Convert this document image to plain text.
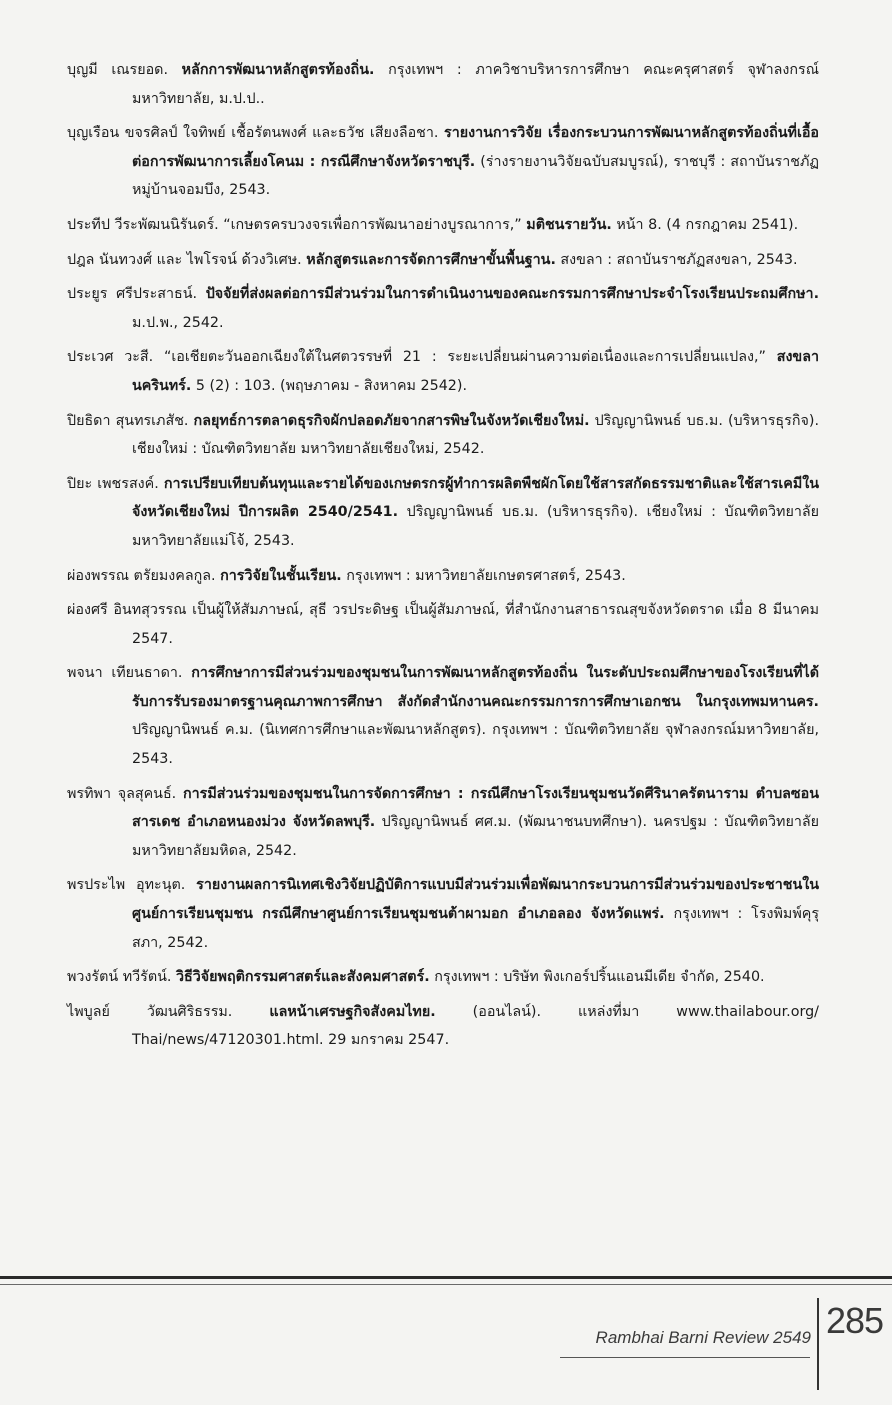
บุญมี เณรยอด. หลักการพัฒนาหลักสูตรท้องถิ่น. กรุงเทพฯ : ภาควิชาบริหารการศึกษา คณะครุศาสตร์ จุฬาลงกรณ์มหาวิทยาลัย, ม.ป.ป..

บุญเรือน ขจรศิลป์ ใจทิพย์ เชื้อรัตนพงศ์ และธวัช เสียงลือชา. รายงานการวิจัย เรื่องกระบวนการพัฒนาหลักสูตรท้องถิ่นที่เอื้อต่อการพัฒนาการเลี้ยงโคนม : กรณีศึกษาจังหวัดราชบุรี. (ร่างรายงานวิจัยฉบับสมบูรณ์), ราชบุรี : สถาบันราชภัฏหมู่บ้านจอมบึง, 2543.

ประทีป วีระพัฒนนิรันดร์. “เกษตรครบวงจรเพื่อการพัฒนาอย่างบูรณาการ,” มติชนรายวัน. หน้า 8. (4 กรกฎาคม 2541).

ปฎล นันทวงศ์ และ ไพโรจน์ ด้วงวิเศษ. หลักสูตรและการจัดการศึกษาขั้นพื้นฐาน. สงขลา : สถาบันราชภัฏสงขลา, 2543.

ประยูร ศรีประสาธน์. ปัจจัยที่ส่งผลต่อการมีส่วนร่วมในการดำเนินงานของคณะกรรมการศึกษาประจำโรงเรียนประถมศึกษา. ม.ป.พ., 2542.

ประเวศ วะสี. “เอเชียตะวันออกเฉียงใต้ในศตวรรษที่ 21 : ระยะเปลี่ยนผ่านความต่อเนื่องและการเปลี่ยนแปลง,” สงขลานครินทร์. 5 (2) : 103. (พฤษภาคม - สิงหาคม 2542).

ปิยธิดา สุนทรเภสัช. กลยุทธ์การตลาดธุรกิจผักปลอดภัยจากสารพิษในจังหวัดเชียงใหม่. ปริญญานิพนธ์ บธ.ม. (บริหารธุรกิจ). เชียงใหม่ : บัณฑิตวิทยาลัย มหาวิทยาลัยเชียงใหม่, 2542.

ปิยะ เพชรสงค์. การเปรียบเทียบต้นทุนและรายได้ของเกษตรกรผู้ทำการผลิตพืชผักโดยใช้สารสกัดธรรมชาติและใช้สารเคมีในจังหวัดเชียงใหม่ ปีการผลิต 2540/2541. ปริญญานิพนธ์ บธ.ม. (บริหารธุรกิจ). เชียงใหม่ : บัณฑิตวิทยาลัย มหาวิทยาลัยแม่โจ้, 2543.

ผ่องพรรณ ตรัยมงคลกูล. การวิจัยในชั้นเรียน. กรุงเทพฯ : มหาวิทยาลัยเกษตรศาสตร์, 2543.

ผ่องศรี อินทสุวรรณ เป็นผู้ให้สัมภาษณ์, สุธี วรประดิษฐ เป็นผู้สัมภาษณ์, ที่สำนักงานสาธารณสุขจังหวัดตราด เมื่อ 8 มีนาคม 2547.

พจนา เทียนธาดา. การศึกษาการมีส่วนร่วมของชุมชนในการพัฒนาหลักสูตรท้องถิ่น ในระดับประถมศึกษาของโรงเรียนที่ได้รับการรับรองมาตรฐานคุณภาพการศึกษา สังกัดสำนักงานคณะกรรมการการศึกษาเอกชน ในกรุงเทพมหานคร. ปริญญานิพนธ์ ค.ม. (นิเทศการศึกษาและพัฒนาหลักสูตร). กรุงเทพฯ : บัณฑิตวิทยาลัย จุฬาลงกรณ์มหาวิทยาลัย, 2543.

พรทิพา จุลสุคนธ์. การมีส่วนร่วมของชุมชนในการจัดการศึกษา : กรณีศึกษาโรงเรียนชุมชนวัดศีรินาครัตนาราม ตำบลซอนสารเดช อำเภอหนองม่วง จังหวัดลพบุรี. ปริญญานิพนธ์ ศศ.ม. (พัฒนาชนบทศึกษา). นครปฐม : บัณฑิตวิทยาลัย มหาวิทยาลัยมหิดล, 2542.

พรประไพ อุทะนุต. รายงานผลการนิเทศเชิงวิจัยปฏิบัติการแบบมีส่วนร่วมเพื่อพัฒนากระบวนการมีส่วนร่วมของประชาชนในศูนย์การเรียนชุมชน กรณีศึกษาศูนย์การเรียนชุมชนต้าผามอก อำเภอลอง จังหวัดแพร่. กรุงเทพฯ : โรงพิมพ์คุรุสภา, 2542.

พวงรัตน์ ทวีรัตน์. วิธีวิจัยพฤติกรรมศาสตร์และสังคมศาสตร์. กรุงเทพฯ : บริษัท พิงเกอร์ปริ้นแอนมีเดีย จำกัด, 2540.

ไพบูลย์ วัฒนศิริธรรม. แลหน้าเศรษฐกิจสังคมไทย. (ออนไลน์). แหล่งที่มา www.thailabour.org/ Thai/news/47120301.html. 29 มกราคม 2547.

Rambhai Barni Review 2549 285
